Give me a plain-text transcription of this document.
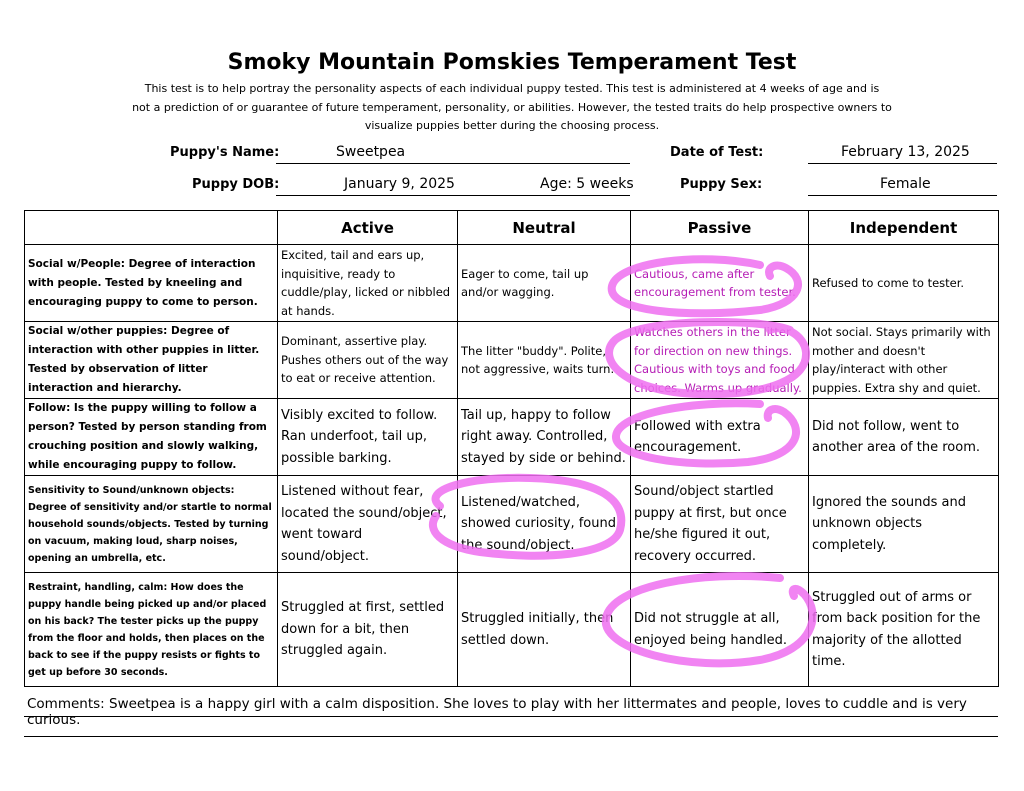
Smoky Mountain Pomskies Temperament Test
This test is to help portray the personality aspects of each individual puppy tested. This test is administered at 4 weeks of age and is
not a prediction of or guarantee of future temperament, personality, or abilities. However, the tested traits do help prospective owners to
visualize puppies better during the choosing process.
Puppy's Name:	Sweetpea	Date of Test:	February 13, 2025
Puppy DOB:	January 9, 2025	Age: 5 weeks	Puppy Sex:	Female
	Active	Neutral	Passive	Independent
Social w/People: Degree of interaction with people. Tested by kneeling and encouraging puppy to come to person.	Excited, tail and ears up, inquisitive, ready to cuddle/play, licked or nibbled at hands.	Eager to come, tail up and/or wagging.	Cautious, came after encouragement from tester.	Refused to come to tester.
Social w/other puppies: Degree of interaction with other puppies in litter. Tested by observation of litter interaction and hierarchy.	Dominant, assertive play. Pushes others out of the way to eat or receive attention.	The litter "buddy". Polite, not aggressive, waits turn.	Watches others in the litter for direction on new things. Cautious with toys and food choices. Warms up gradually.	Not social. Stays primarily with mother and doesn't play/interact with other puppies. Extra shy and quiet.
Follow: Is the puppy willing to follow a person? Tested by person standing from crouching position and slowly walking, while encouraging puppy to follow.	Visibly excited to follow. Ran underfoot, tail up, possible barking.	Tail up, happy to follow right away. Controlled, stayed by side or behind.	Followed with extra encouragement.	Did not follow, went to another area of the room.
Sensitivity to Sound/unknown objects: Degree of sensitivity and/or startle to normal household sounds/objects. Tested by turning on vacuum, making loud, sharp noises, opening an umbrella, etc.	Listened without fear, located the sound/object, went toward sound/object.	Listened/watched, showed curiosity, found the sound/object.	Sound/object startled puppy at first, but once he/she figured it out, recovery occurred.	Ignored the sounds and unknown objects completely.
Restraint, handling, calm: How does the puppy handle being picked up and/or placed on his back? The tester picks up the puppy from the floor and holds, then places on the back to see if the puppy resists or fights to get up before 30 seconds.	Struggled at first, settled down for a bit, then struggled again.	Struggled initially, then settled down.	Did not struggle at all, enjoyed being handled.	Struggled out of arms or from back position for the majority of the allotted time.
Comments: Sweetpea is a happy girl with a calm disposition. She loves to play with her littermates and people, loves to cuddle and is very curious.
